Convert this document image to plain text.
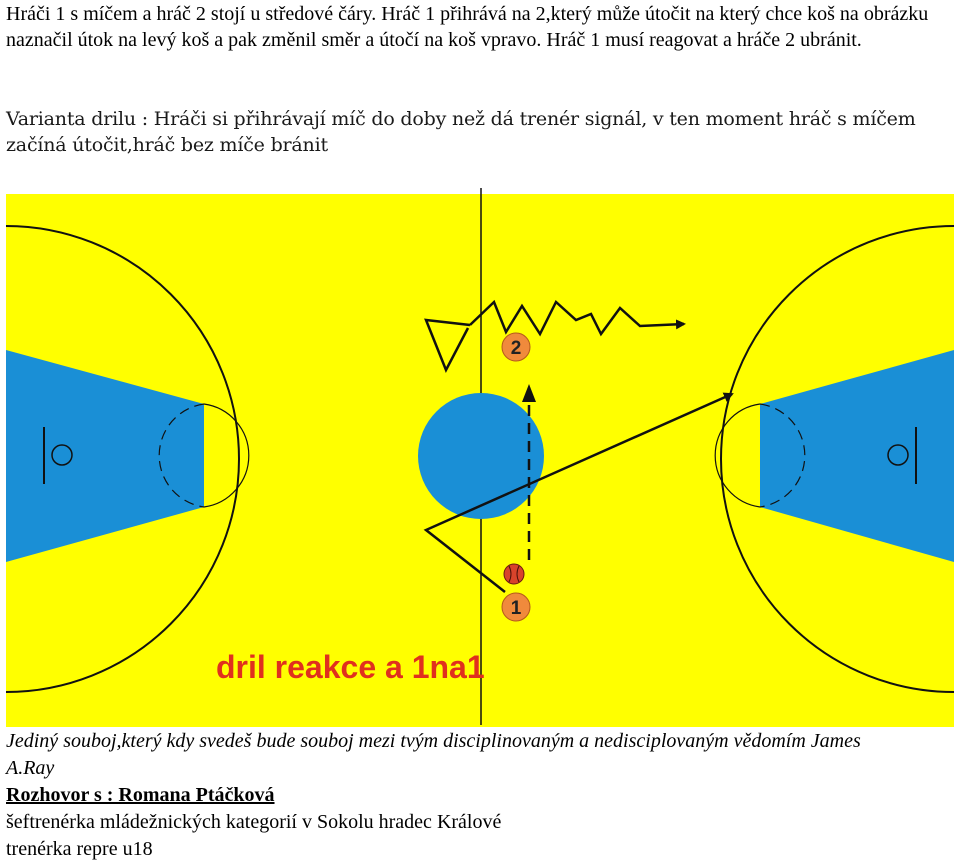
Hráči 1 s míčem a hráč 2 stojí u středové čáry. Hráč 1 přihrává na 2,který může útočit na který chce koš na obrázku naznačil útok na levý koš a pak změnil směr a útočí na koš vpravo. Hráč 1 musí reagovat a hráče 2 ubránit.

Varianta drilu : Hráči si přihrávají míč do doby než dá trenér signál, v ten moment hráč s míčem začíná útočit,hráč bez míče bránit

2
1
dril reakce a 1na1

Jediný souboj,který kdy svedeš bude souboj mezi tvým disciplinovaným a nedisciplovaným vědomím James A.Ray

Rozhovor s : Romana Ptáčková

šeftrenérka mládežnických kategorií v Sokolu hradec Králové

trenérka repre u18
